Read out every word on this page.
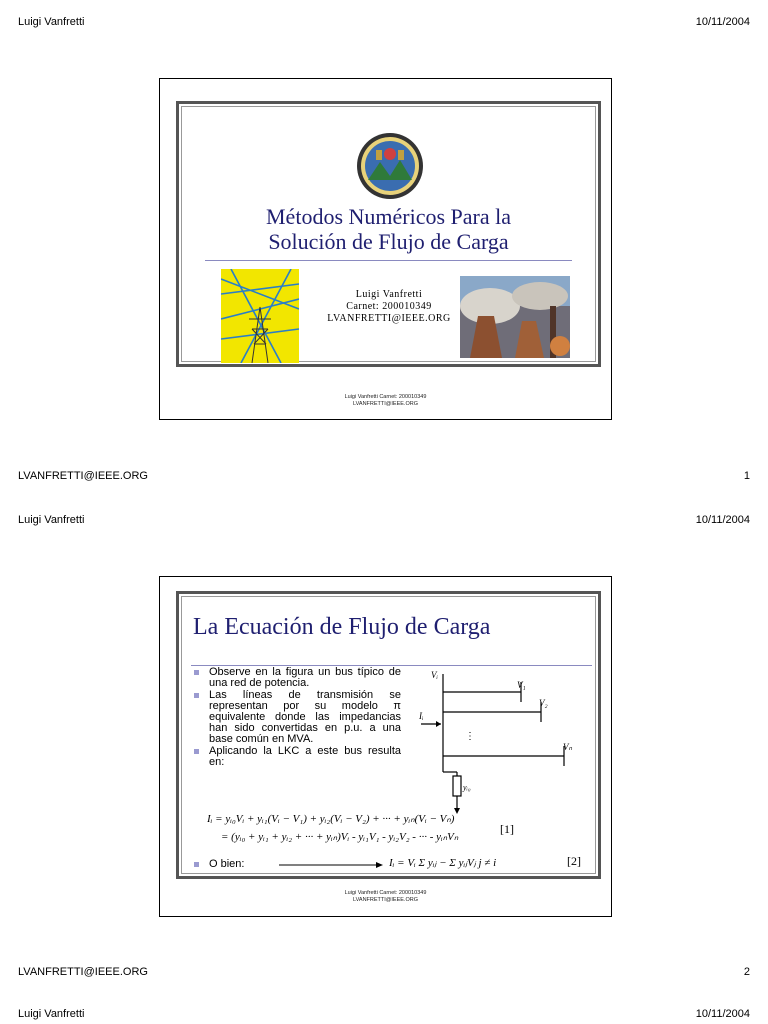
Luigi Vanfretti	10/11/2004
Métodos Numéricos Para la
Solución de Flujo de Carga
Luigi Vanfretti
Carnet: 200010349
LVANFRETTI@IEEE.ORG
Luigi Vanfretti Carnet: 200010349
LVANFRETTI@IEEE.ORG
LVANFRETTI@IEEE.ORG	1
Luigi Vanfretti	10/11/2004
La Ecuación de Flujo de Carga
Observe en la figura un bus típico de una red de potencia.
Las líneas de transmisión se representan por su modelo π equivalente donde las impedancias han sido convertidas en p.u. a una base común en MVA.
Aplicando la LKC a este bus resulta en:
⋮
Vᵢ
V₁
V₂
Vₙ
Iᵢ
yᵢ₀
Iᵢ = yᵢ₀Vᵢ + yᵢ₁(Vᵢ − V₁) + yᵢ₂(Vᵢ − V₂) + ··· + yᵢₙ(Vᵢ − Vₙ)
= (yᵢ₀ + yᵢ₁ + yᵢ₂ + ··· + yᵢₙ)Vᵢ - yᵢ₁V₁ - yᵢ₂V₂ - ··· - yᵢₙVₙ
[1]
O bien:	Iᵢ = Vᵢ Σ yᵢⱼ − Σ yᵢⱼVⱼ j ≠ i	[2]
Luigi Vanfretti Carnet: 200010349
LVANFRETTI@IEEE.ORG
LVANFRETTI@IEEE.ORG	2
Luigi Vanfretti	10/11/2004
